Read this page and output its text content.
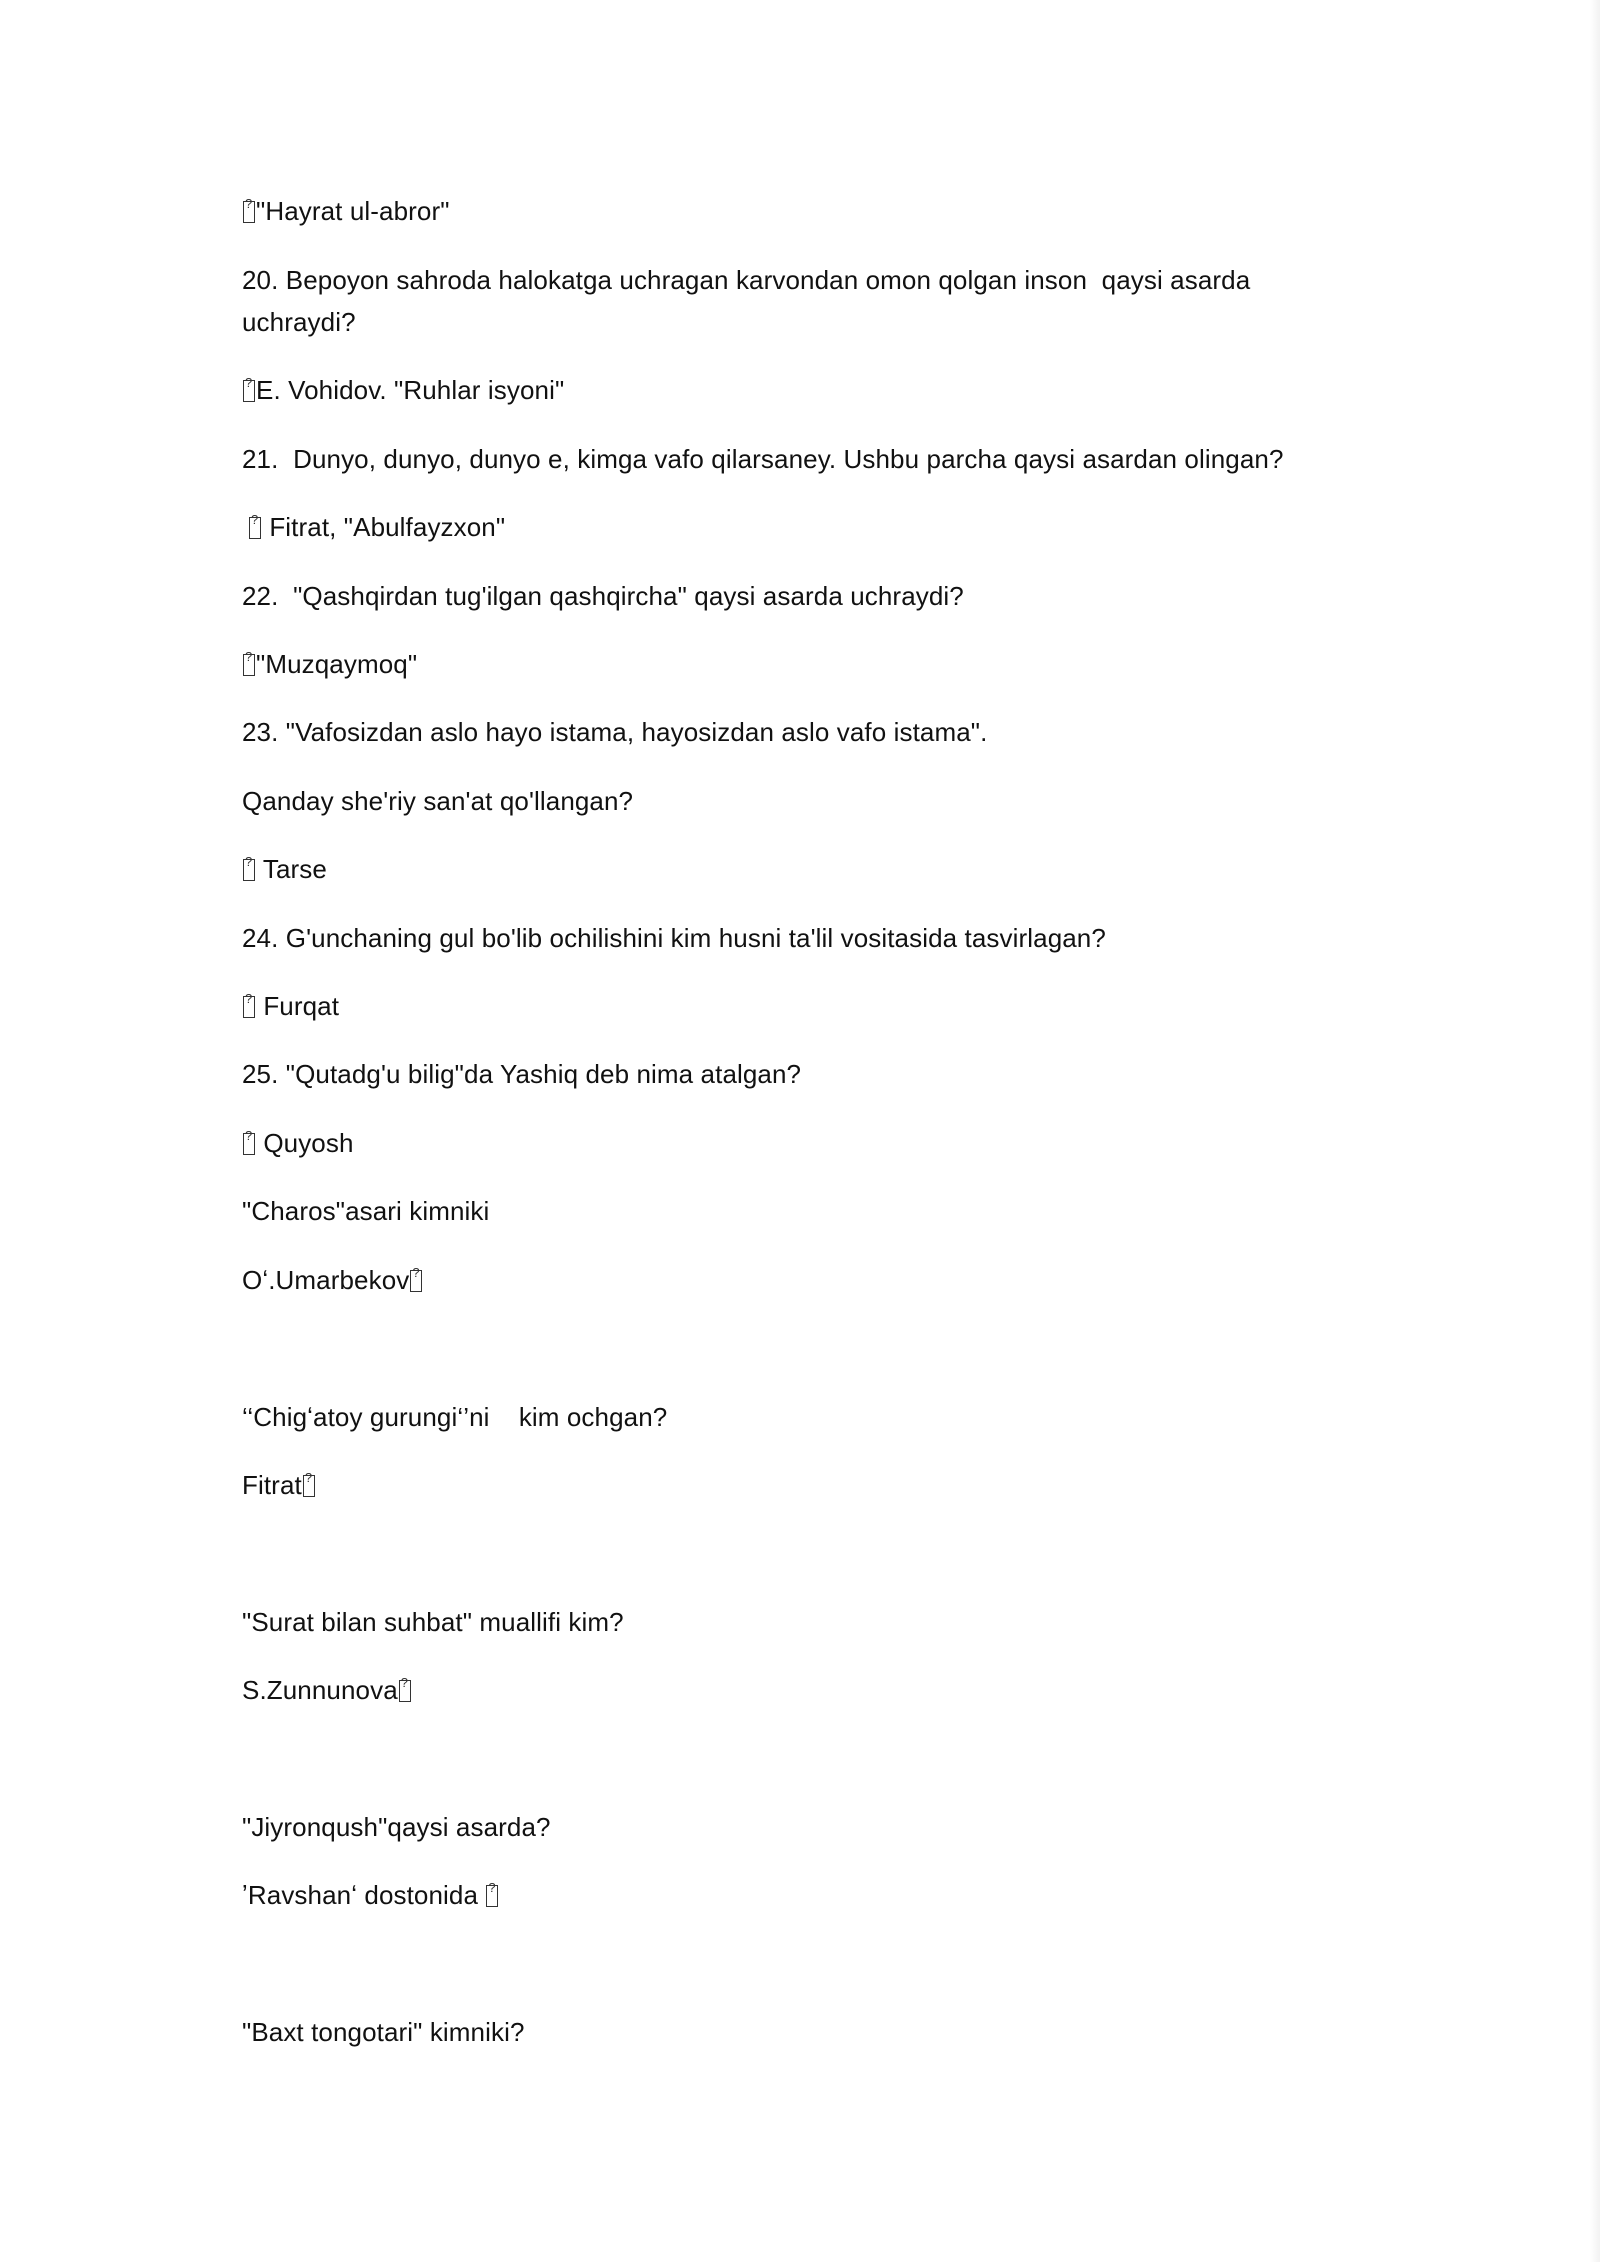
?"Hayrat ul-abror"
20. Bepoyon sahroda halokatga uchragan karvondan omon qolgan inson  qaysi asarda
uchraydi?
?E. Vohidov. "Ruhlar isyoni"
21.  Dunyo, dunyo, dunyo e, kimga vafo qilarsaney. Ushbu parcha qaysi asardan olingan?
? Fitrat, "Abulfayzxon"
22.  "Qashqirdan tug'ilgan qashqircha" qaysi asarda uchraydi?
?"Muzqaymoq"
23. "Vafosizdan aslo hayo istama, hayosizdan aslo vafo istama".
Qanday she'riy san'at qo'llangan?
? Tarse
24. G'unchaning gul bo'lib ochilishini kim husni ta'lil vositasida tasvirlagan?
? Furqat
25. "Qutadg'u bilig"da Yashiq deb nima atalgan?
? Quyosh
"Charos"asari kimniki
Oʻ.Umarbekov ?
‘‘Chigʻatoy gurungi‘’ni    kim ochgan?
Fitrat ?
"Surat bilan suhbat" muallifi kim?
S.Zunnunova ?
"Jiyronqush"qaysi asarda?
ʼRavshanʻ dostonida  ?
"Baxt tongotari" kimniki?
